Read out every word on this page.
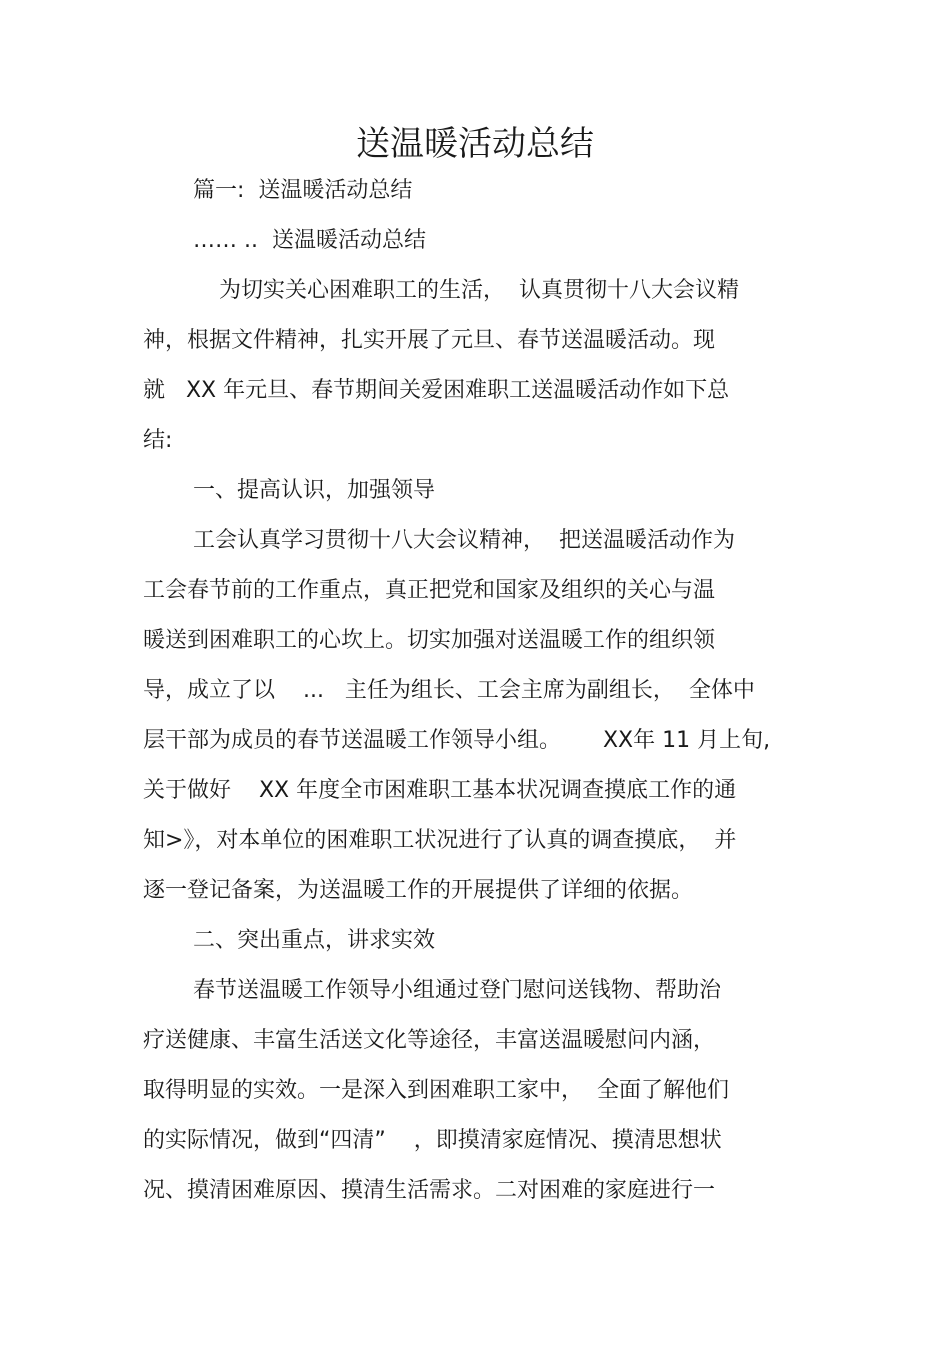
送温暖活动总结
篇一:  送温暖活动总结
…… ..  送温暖活动总结
为切实关心困难职工的生活，  认真贯彻十八大会议精
神，根据文件精神，扎实开展了元旦、春节送温暖活动。现
就   XX 年元旦、春节期间关爱困难职工送温暖活动作如下总
结:
一、提高认识，加强领导
工会认真学习贯彻十八大会议精神，  把送温暖活动作为
工会春节前的工作重点，真正把党和国家及组织的关心与温
暖送到困难职工的心坎上。切实加强对送温暖工作的组织领
导，成立了以    ...   主任为组长、工会主席为副组长，  全体中
层干部为成员的春节送温暖工作领导小组。      XX年 11 月上旬,
关于做好    XX 年度全市困难职工基本状况调查摸底工作的通
知>》，对本单位的困难职工状况进行了认真的调查摸底，  并
逐一登记备案，为送温暖工作的开展提供了详细的依据。
二、突出重点，讲求实效
春节送温暖工作领导小组通过登门慰问送钱物、帮助治
疗送健康、丰富生活送文化等途径，丰富送温暖慰问内涵，
取得明显的实效。一是深入到困难职工家中，  全面了解他们
的实际情况，做到“四清”    ，即摸清家庭情况、摸清思想状
况、摸清困难原因、摸清生活需求。二对困难的家庭进行一
